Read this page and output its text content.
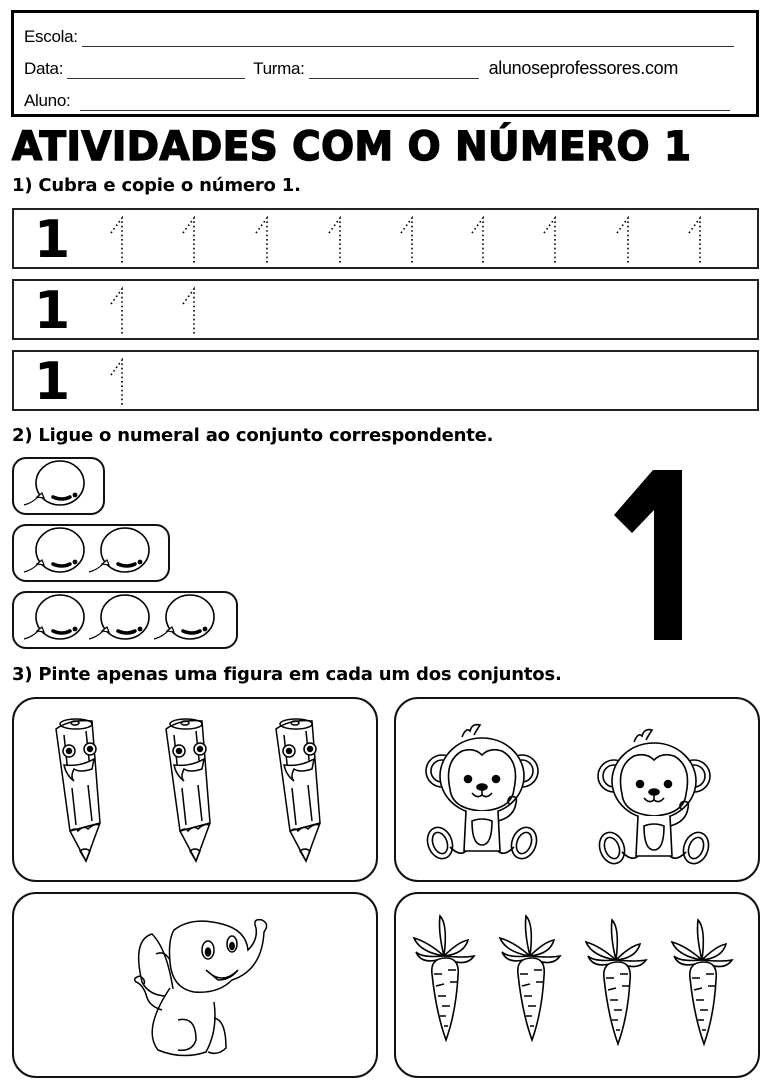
Escola:
Data:	Turma:	alunoseprofessores.com
Aluno:
ATIVIDADES COM O NÚMERO 1
1) Cubra e copie o número 1.
1
1
1
2) Ligue o numeral ao conjunto correspondente.
3) Pinte apenas uma figura em cada um dos conjuntos.
